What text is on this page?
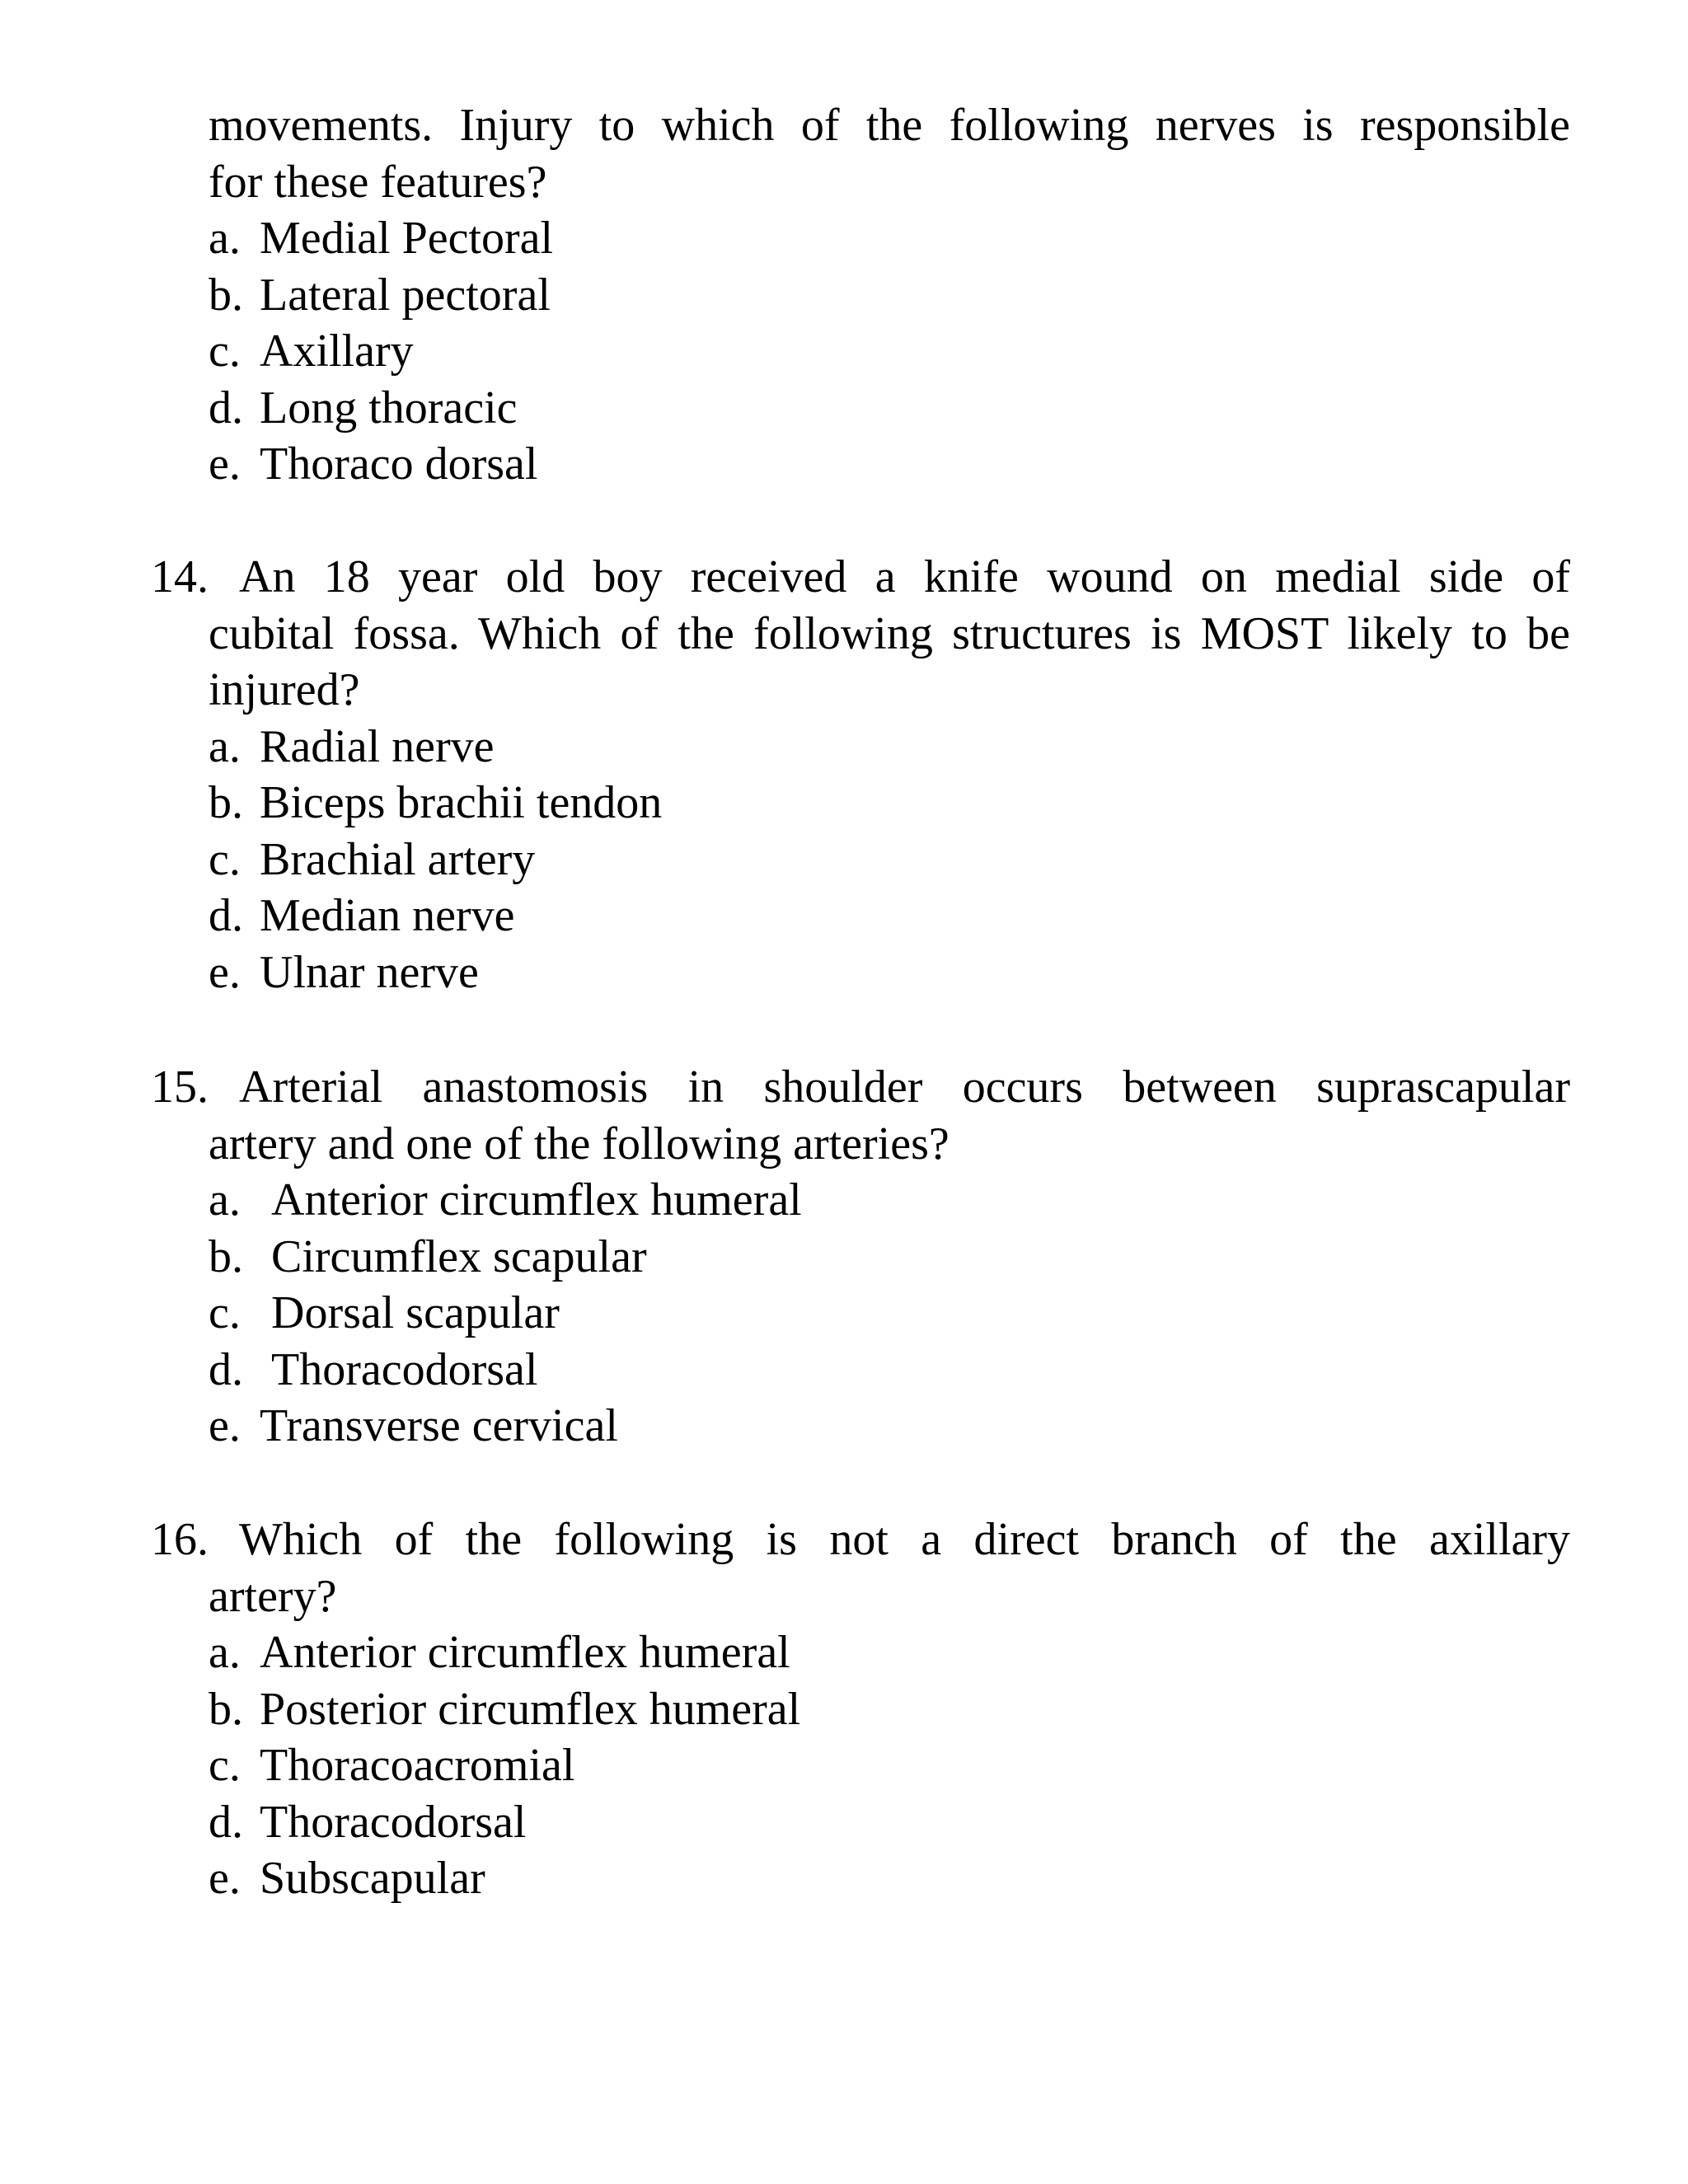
movements. Injury to which of the following nerves is responsible
for these features?
a. Medial Pectoral
b. Lateral pectoral
c. Axillary
d. Long thoracic
e. Thoraco dorsal
14. An 18 year old boy received a knife wound on medial side of
cubital fossa. Which of the following structures is MOST likely to be
injured?
a. Radial nerve
b. Biceps brachii tendon
c. Brachial artery
d. Median nerve
e. Ulnar nerve
15. Arterial anastomosis in shoulder occurs between suprascapular
artery and one of the following arteries?
a. Anterior circumflex humeral
b. Circumflex scapular
c. Dorsal scapular
d. Thoracodorsal
e. Transverse cervical
16. Which of the following is not a direct branch of the axillary
artery?
a. Anterior circumflex humeral
b. Posterior circumflex humeral
c. Thoracoacromial
d. Thoracodorsal
e. Subscapular
